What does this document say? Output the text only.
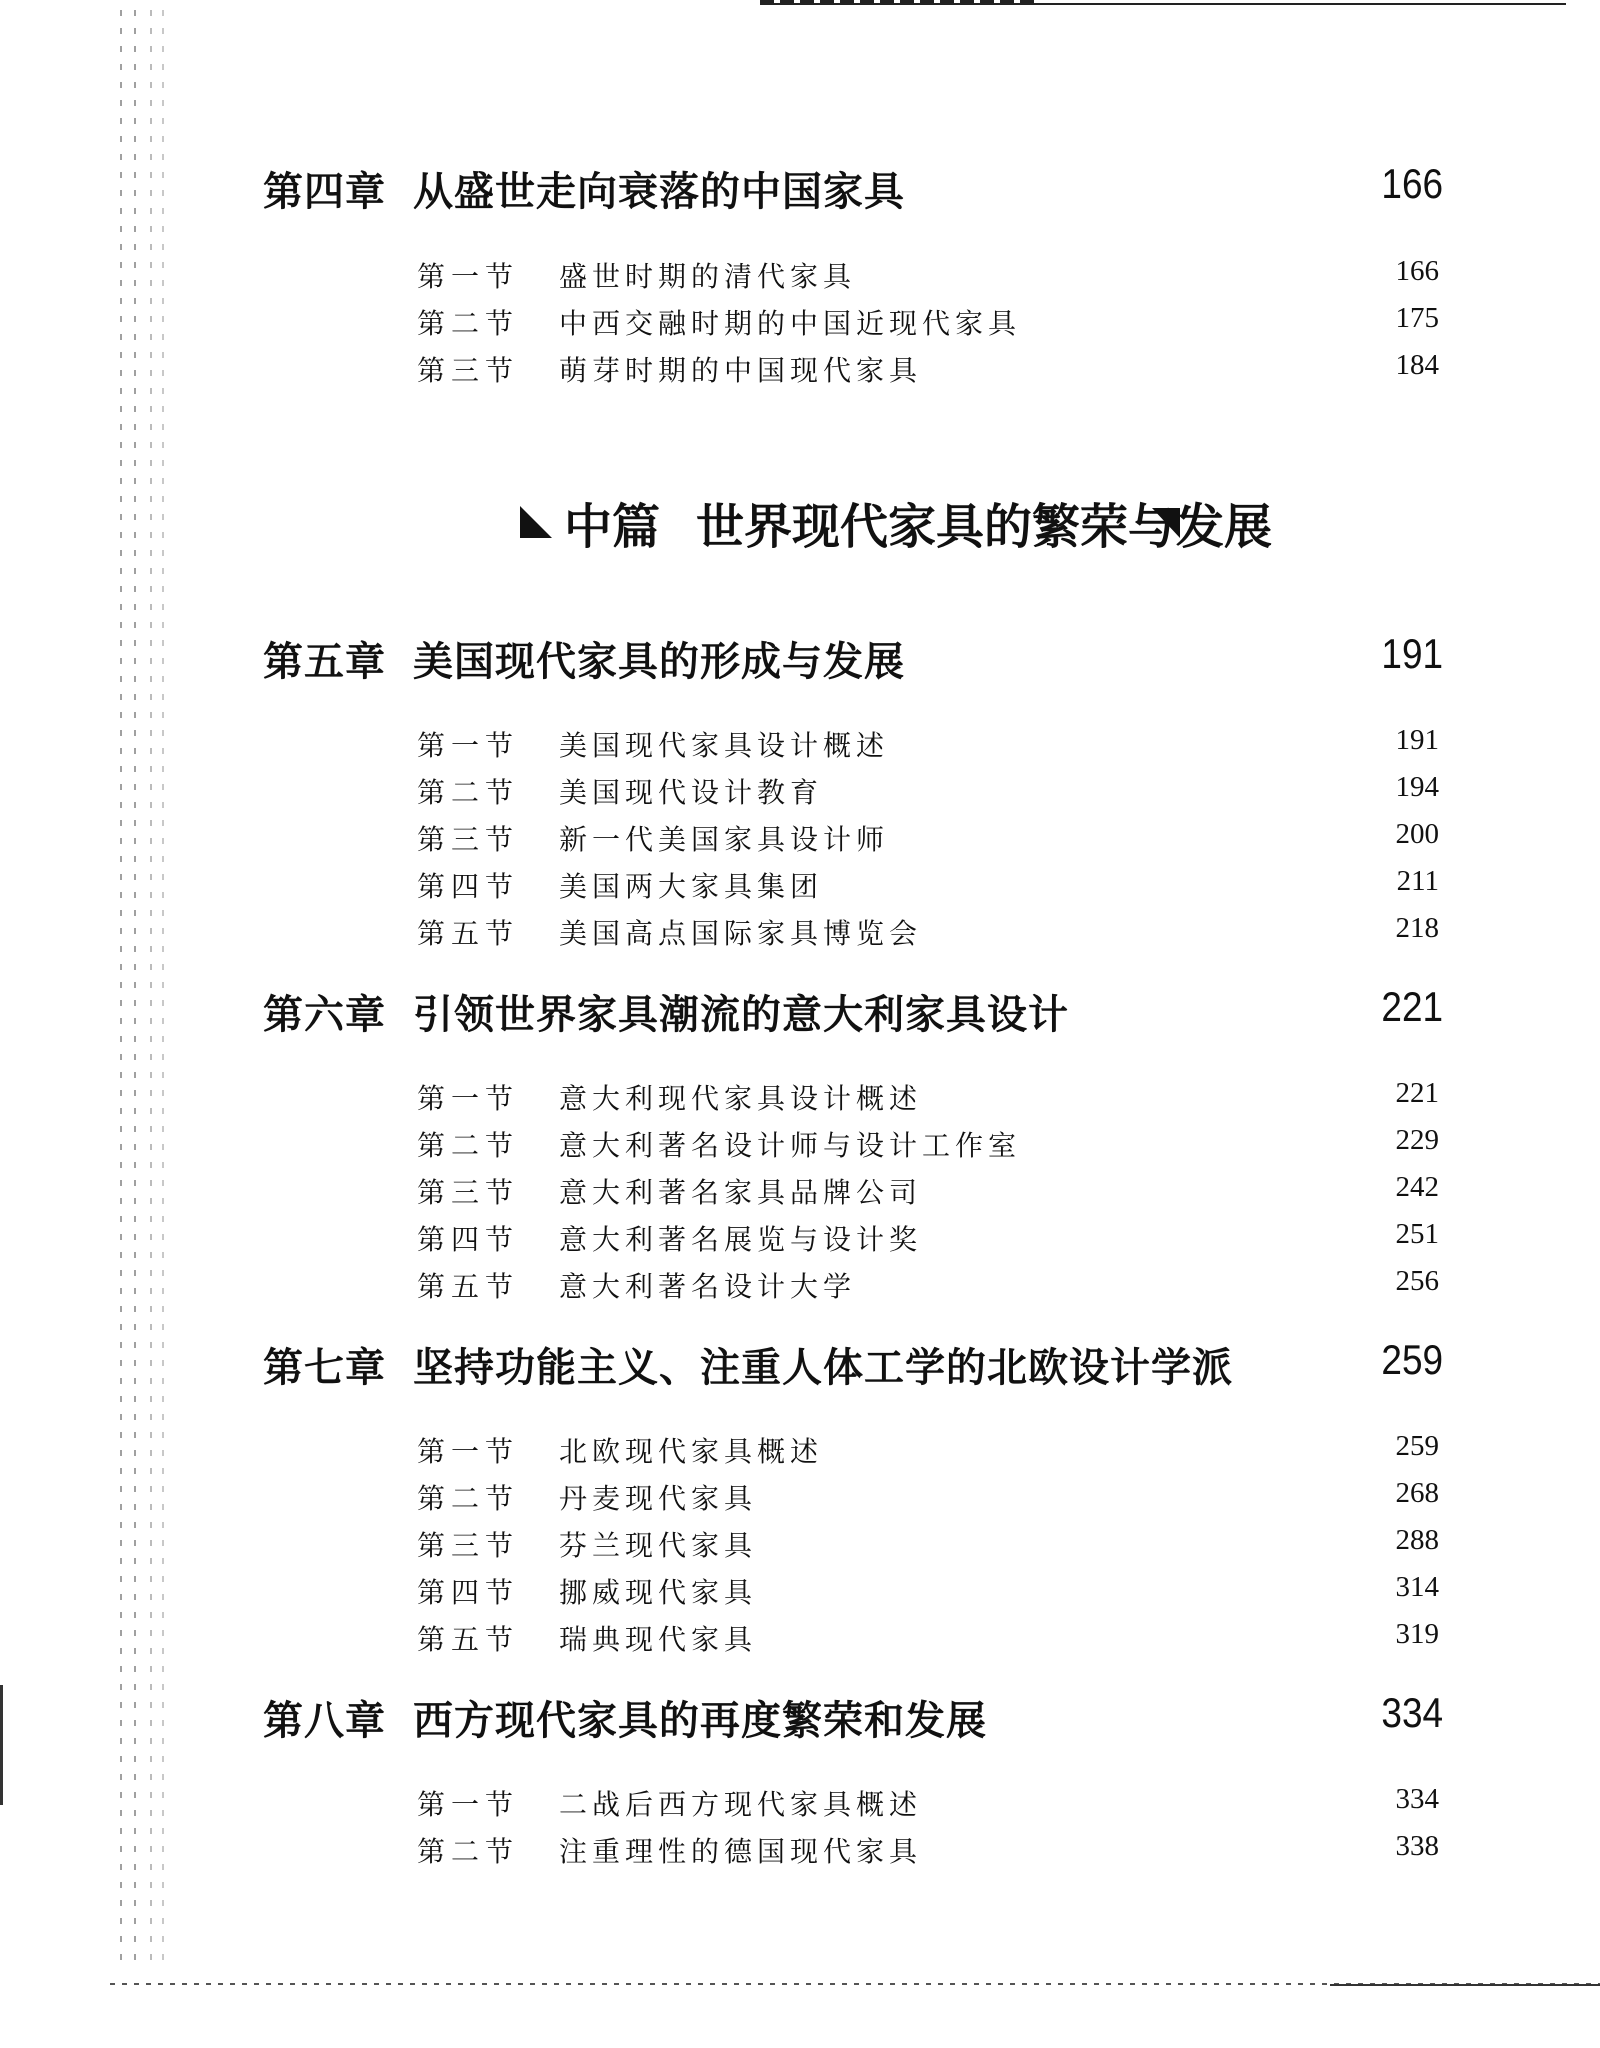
第四章 从盛世走向衰落的中国家具	166
第一节 盛世时期的清代家具	166
第二节 中西交融时期的中国近现代家具	175
第三节 萌芽时期的中国现代家具	184
中篇 世界现代家具的繁荣与发展
第五章 美国现代家具的形成与发展	191
第一节 美国现代家具设计概述	191
第二节 美国现代设计教育	194
第三节 新一代美国家具设计师	200
第四节 美国两大家具集团	211
第五节 美国高点国际家具博览会	218
第六章 引领世界家具潮流的意大利家具设计	221
第一节 意大利现代家具设计概述	221
第二节 意大利著名设计师与设计工作室	229
第三节 意大利著名家具品牌公司	242
第四节 意大利著名展览与设计奖	251
第五节 意大利著名设计大学	256
第七章 坚持功能主义、注重人体工学的北欧设计学派	259
第一节 北欧现代家具概述	259
第二节 丹麦现代家具	268
第三节 芬兰现代家具	288
第四节 挪威现代家具	314
第五节 瑞典现代家具	319
第八章 西方现代家具的再度繁荣和发展	334
第一节 二战后西方现代家具概述	334
第二节 注重理性的德国现代家具	338
